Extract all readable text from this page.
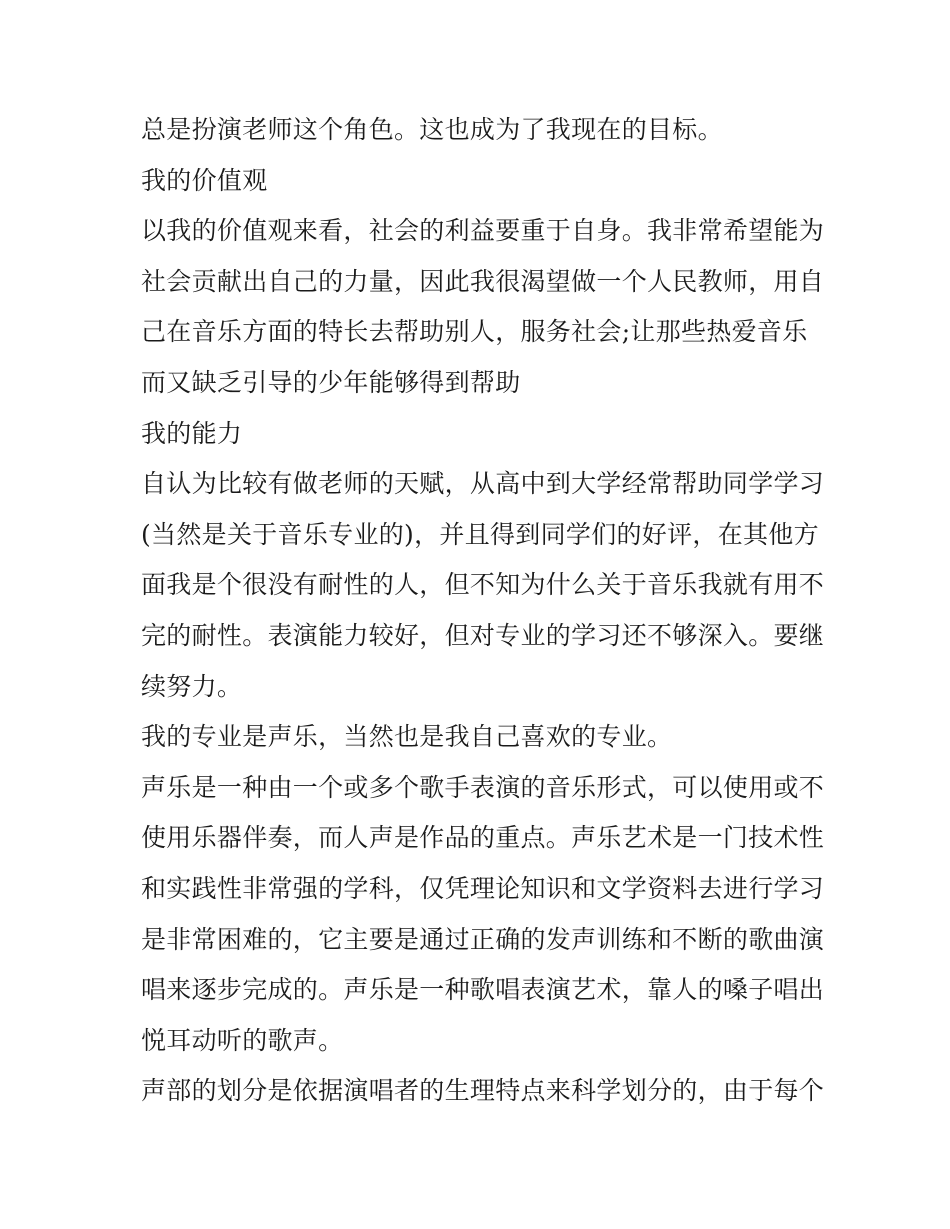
总是扮演老师这个角色。这也成为了我现在的目标。
我的价值观
以我的价值观来看，社会的利益要重于自身。我非常希望能为
社会贡献出自己的力量，因此我很渴望做一个人民教师，用自
己在音乐方面的特长去帮助别人，服务社会;让那些热爱音乐
而又缺乏引导的少年能够得到帮助
我的能力
自认为比较有做老师的天赋，从高中到大学经常帮助同学学习
(当然是关于音乐专业的)，并且得到同学们的好评，在其他方
面我是个很没有耐性的人，但不知为什么关于音乐我就有用不
完的耐性。表演能力较好，但对专业的学习还不够深入。要继
续努力。
我的专业是声乐，当然也是我自己喜欢的专业。
声乐是一种由一个或多个歌手表演的音乐形式，可以使用或不
使用乐器伴奏，而人声是作品的重点。声乐艺术是一门技术性
和实践性非常强的学科，仅凭理论知识和文学资料去进行学习
是非常困难的，它主要是通过正确的发声训练和不断的歌曲演
唱来逐步完成的。声乐是一种歌唱表演艺术，靠人的嗓子唱出
悦耳动听的歌声。
声部的划分是依据演唱者的生理特点来科学划分的，由于每个
